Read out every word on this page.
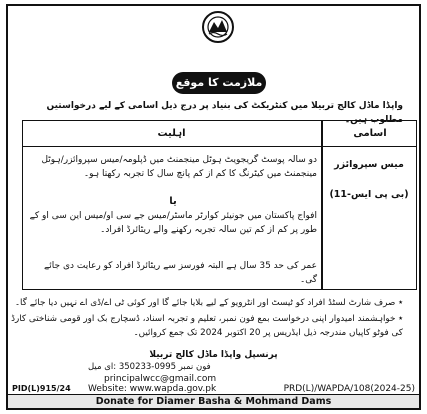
ملازمت کا موقع
واپڈا ماڈل کالج تربیلا میں کنٹریکٹ کی بنیاد پر درج ذیل اسامی کے لیے درخواستیں مطلوب ہیں۔
اسامی
اہلیت
میس سپروائزر
(بی پی ایس-11)
دو سالہ پوسٹ گریجویٹ ہوٹل مینجمنٹ میں ڈپلومہ/میس سپروائزر/ہوٹل مینجمنٹ میں کیٹرنگ کا کم از کم پانچ سال کا تجربہ رکھتا ہو۔
یا
افواج پاکستان میں جونیئر کوارٹر ماسٹر/میس جے سی او/میس این سی او کے طور پر کم از کم تین سالہ تجربہ رکھنے والے ریٹائرڈ افراد۔
عمر کی حد 35 سال ہے البتہ فورسز سے ریٹائرڈ افراد کو رعایت دی جائے گی۔
٭ صرف شارٹ لسٹڈ افراد کو ٹیسٹ اور انٹرویو کے لیے بلایا جائے گا اور کوئی ٹی اے/ڈی اے نہیں دیا جائے گا۔
٭ خواہشمند امیدوار اپنی درخواست بمع فون نمبر، تعلیم و تجربہ اسناد، ڈسچارج بک اور قومی شناختی کارڈ کی فوٹو کاپیاں مندرجہ ذیل ایڈریس پر 20 اکتوبر 2024 تک جمع کروائیں۔
پرنسپل واپڈا ماڈل کالج تربیلا
فون نمبر 0995-350233 :ای میل
principalwcc@gmail.com
PID(L)915/24 Website: www.wapda.gov.pk	PRD(L)/WAPDA/108(2024-25)
Donate for Diamer Basha & Mohmand Dams
